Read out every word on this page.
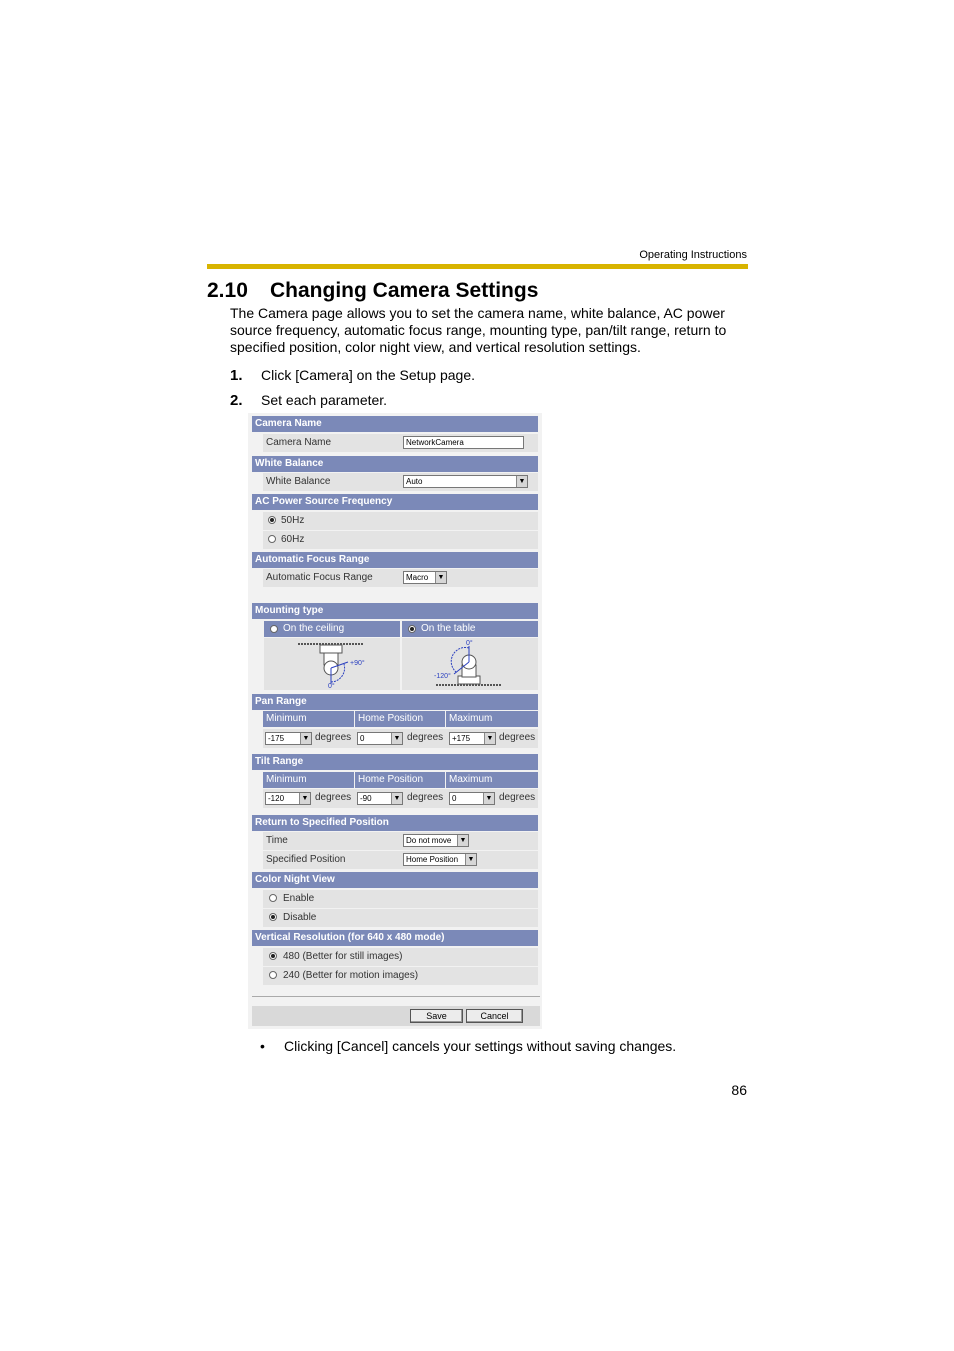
Operating Instructions
2.10 Changing Camera Settings
The Camera page allows you to set the camera name, white balance, AC power source frequency, automatic focus range, mounting type, pan/tilt range, return to specified position, color night view, and vertical resolution settings.
1. Click [Camera] on the Setup page.
2. Set each parameter.
Camera Name
Camera Name	NetworkCamera
White Balance
White Balance	Auto	▼
AC Power Source Frequency
50Hz
60Hz
Automatic Focus Range
Automatic Focus Range	Macro	▼
Mounting type
On the ceiling	On the table
+90°
0°
0°
-120°
Pan Range
Minimum	Home Position	Maximum
-175	▼ degrees	0	▼ degrees	+175	▼ degrees
Tilt Range
Minimum	Home Position	Maximum
-120	▼ degrees	-90	▼ degrees	0	▼ degrees
Return to Specified Position
Time	Do not move	▼
Specified Position	Home Position	▼
Color Night View
Enable
Disable
Vertical Resolution (for 640 x 480 mode)
480 (Better for still images)
240 (Better for motion images)
Save	Cancel
• Clicking [Cancel] cancels your settings without saving changes.
86
